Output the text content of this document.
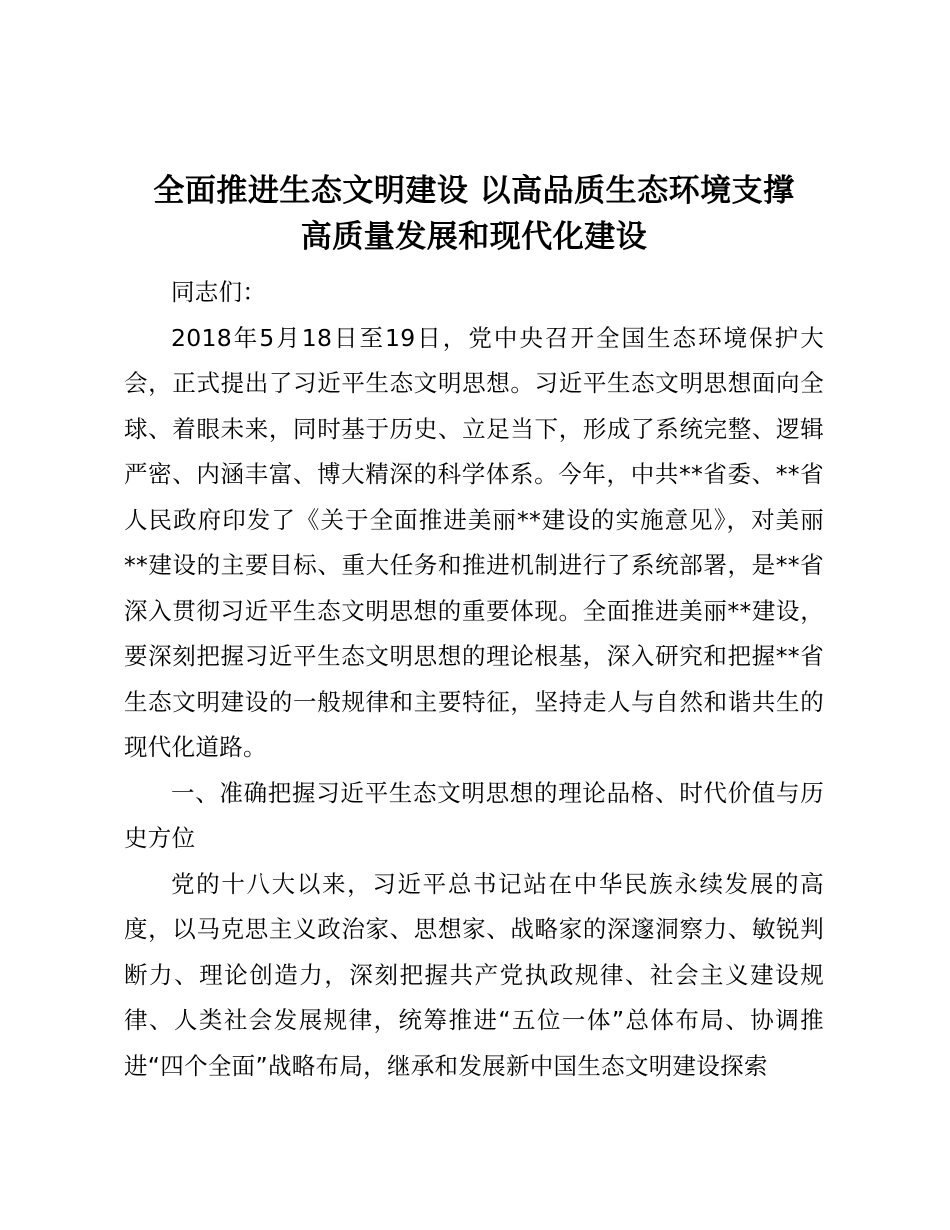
全面推进生态文明建设 以高品质生态环境支撑
高质量发展和现代化建设

同志们：

2018年5月18日至19日，党中央召开全国生态环境保护大会，正式提出了习近平生态文明思想。习近平生态文明思想面向全球、着眼未来，同时基于历史、立足当下，形成了系统完整、逻辑严密、内涵丰富、博大精深的科学体系。今年，中共**省委、**省人民政府印发了《关于全面推进美丽**建设的实施意见》，对美丽**建设的主要目标、重大任务和推进机制进行了系统部署，是**省深入贯彻习近平生态文明思想的重要体现。全面推进美丽**建设，要深刻把握习近平生态文明思想的理论根基，深入研究和把握**省生态文明建设的一般规律和主要特征，坚持走人与自然和谐共生的现代化道路。

一、准确把握习近平生态文明思想的理论品格、时代价值与历史方位

党的十八大以来，习近平总书记站在中华民族永续发展的高度，以马克思主义政治家、思想家、战略家的深邃洞察力、敏锐判断力、理论创造力，深刻把握共产党执政规律、社会主义建设规律、人类社会发展规律，统筹推进“五位一体”总体布局、协调推进“四个全面”战略布局，继承和发展新中国生态文明建设探索
